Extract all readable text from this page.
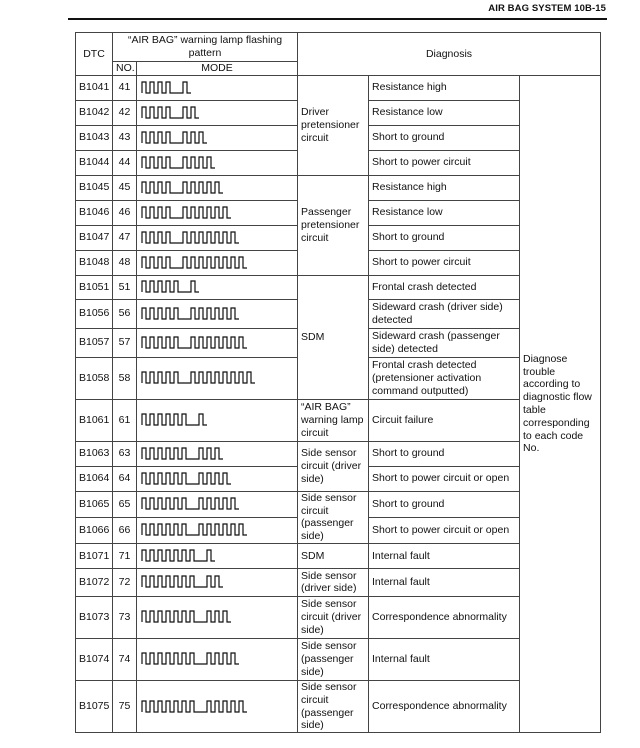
AIR BAG SYSTEM 10B-15
DTC	“AIR BAG” warning lamp flashing pattern		Diagnosis		
	NO.	MODE			
B1041	41		Driver pretensioner circuit	Resistance high	Diagnose trouble according to diagnostic flow table corresponding to each code No.
B1042	42			Resistance low	
B1043	43			Short to ground	
B1044	44			Short to power circuit	
B1045	45		Passenger pretensioner circuit	Resistance high	
B1046	46			Resistance low	
B1047	47			Short to ground	
B1048	48			Short to power circuit	
B1051	51		SDM	Frontal crash detected	
B1056	56			Sideward crash (driver side) detected	
B1057	57			Sideward crash (passenger side) detected	
B1058	58			Frontal crash detected (pretensioner activation command outputted)	
B1061	61		“AIR BAG” warning lamp circuit	Circuit failure	
B1063	63		Side sensor circuit (driver side)	Short to ground	
B1064	64			Short to power circuit or open	
B1065	65		Side sensor circuit (passenger side)	Short to ground	
B1066	66			Short to power circuit or open	
B1071	71		SDM	Internal fault	
B1072	72		Side sensor (driver side)	Internal fault	
B1073	73		Side sensor circuit (driver side)	Correspondence abnormality	
B1074	74		Side sensor (passenger side)	Internal fault	
B1075	75		Side sensor circuit (passenger side)	Correspondence abnormality	
